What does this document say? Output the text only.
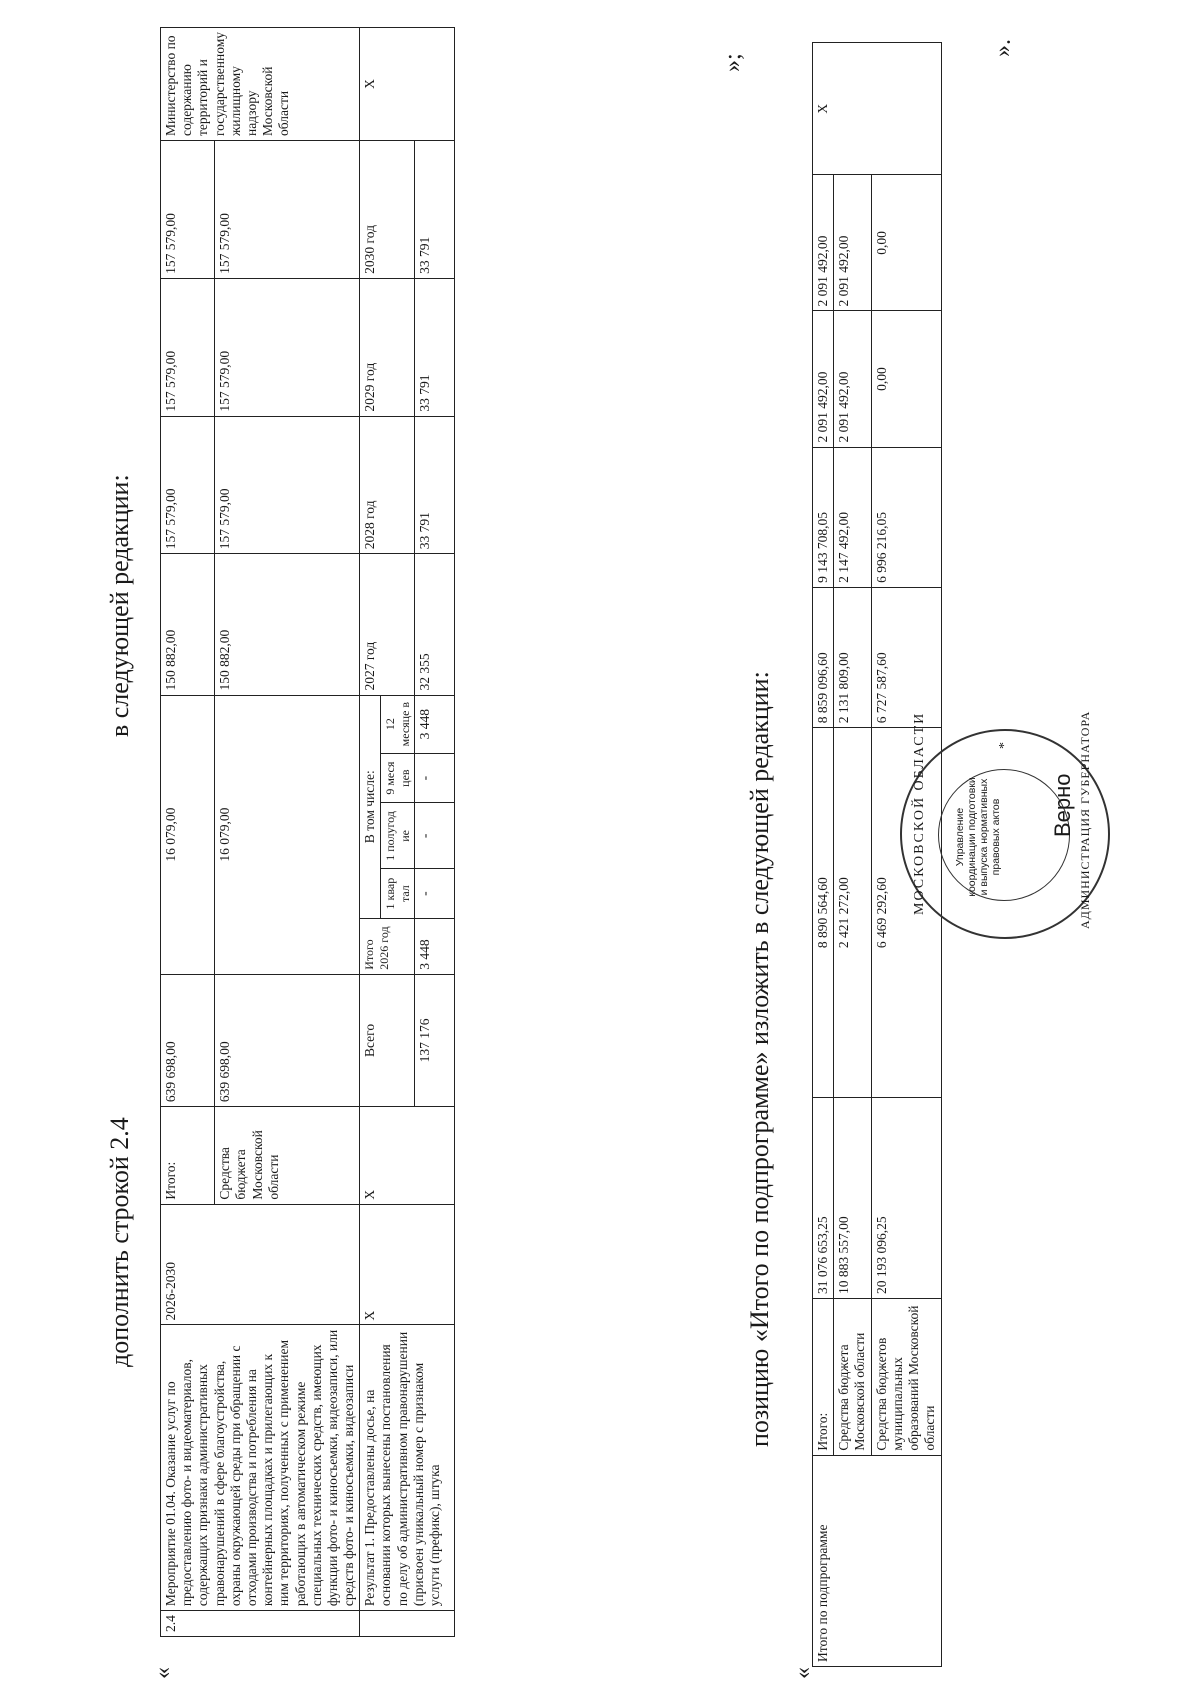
«
дополнить строкой 2.4
в следующей редакции:
2.4	Мероприятие 01.04. Оказание услуг по предоставлению фото- и видеоматериалов, содержащих признаки административных правонарушений в сфере благоустройства, охраны окружающей среды при обращении с отходами производства и потребления на контейнерных площадках и прилегающих к ним территориях, полученных с применением работающих в автоматическом режиме специальных технических средств, имеющих функции фото- и киносъемки, видеозаписи, или средств фото- и киносъемки, видеозаписи	2026-2030	Итого:	639 698,00	16 079,00					150 882,00	157 579,00	157 579,00	157 579,00	Министерство по содержанию территорий и государственному жилищному надзору Московской области
			Средства бюджета Московской области	639 698,00	16 079,00					150 882,00	157 579,00	157 579,00	157 579,00	
	Результат 1. Предоставлены досье, на основании которых вынесены постановления по делу об административном правонарушении (присвоен уникальный номер с признаком услуги (префикс), штука	Х	Х	Всего	Итого 2026 год	В том числе:				2027 год	2028 год	2029 год	2030 год	Х
						1 квар тал	1 полугод ие	9 меся цев	12 месяце в					
				137 176	3 448	-	-	-	3 448	32 355	33 791	33 791	33 791	
»;
позицию «Итого по подпрограмме» изложить в следующей редакции:
«
Итого по подпрограмме	Итого:	31 076 653,25	8 890 564,60	8 859 096,60	9 143 708,05	2 091 492,00	2 091 492,00	Х
	Средства бюджета Московской области	10 883 557,00	2 421 272,00	2 131 809,00	2 147 492,00	2 091 492,00	2 091 492,00	
	Средства бюджетов муниципальных образований Московской области	20 193 096,25	6 469 292,60	6 727 587,60	6 996 216,05	0,00	0,00	
».
МОСКОВСКОЙ ОБЛАСТИ	АДМИНИСТРАЦИЯ ГУБЕРНАТОРА
*
Управление координации подготовки и выпуска нормативных правовых актов Верно
